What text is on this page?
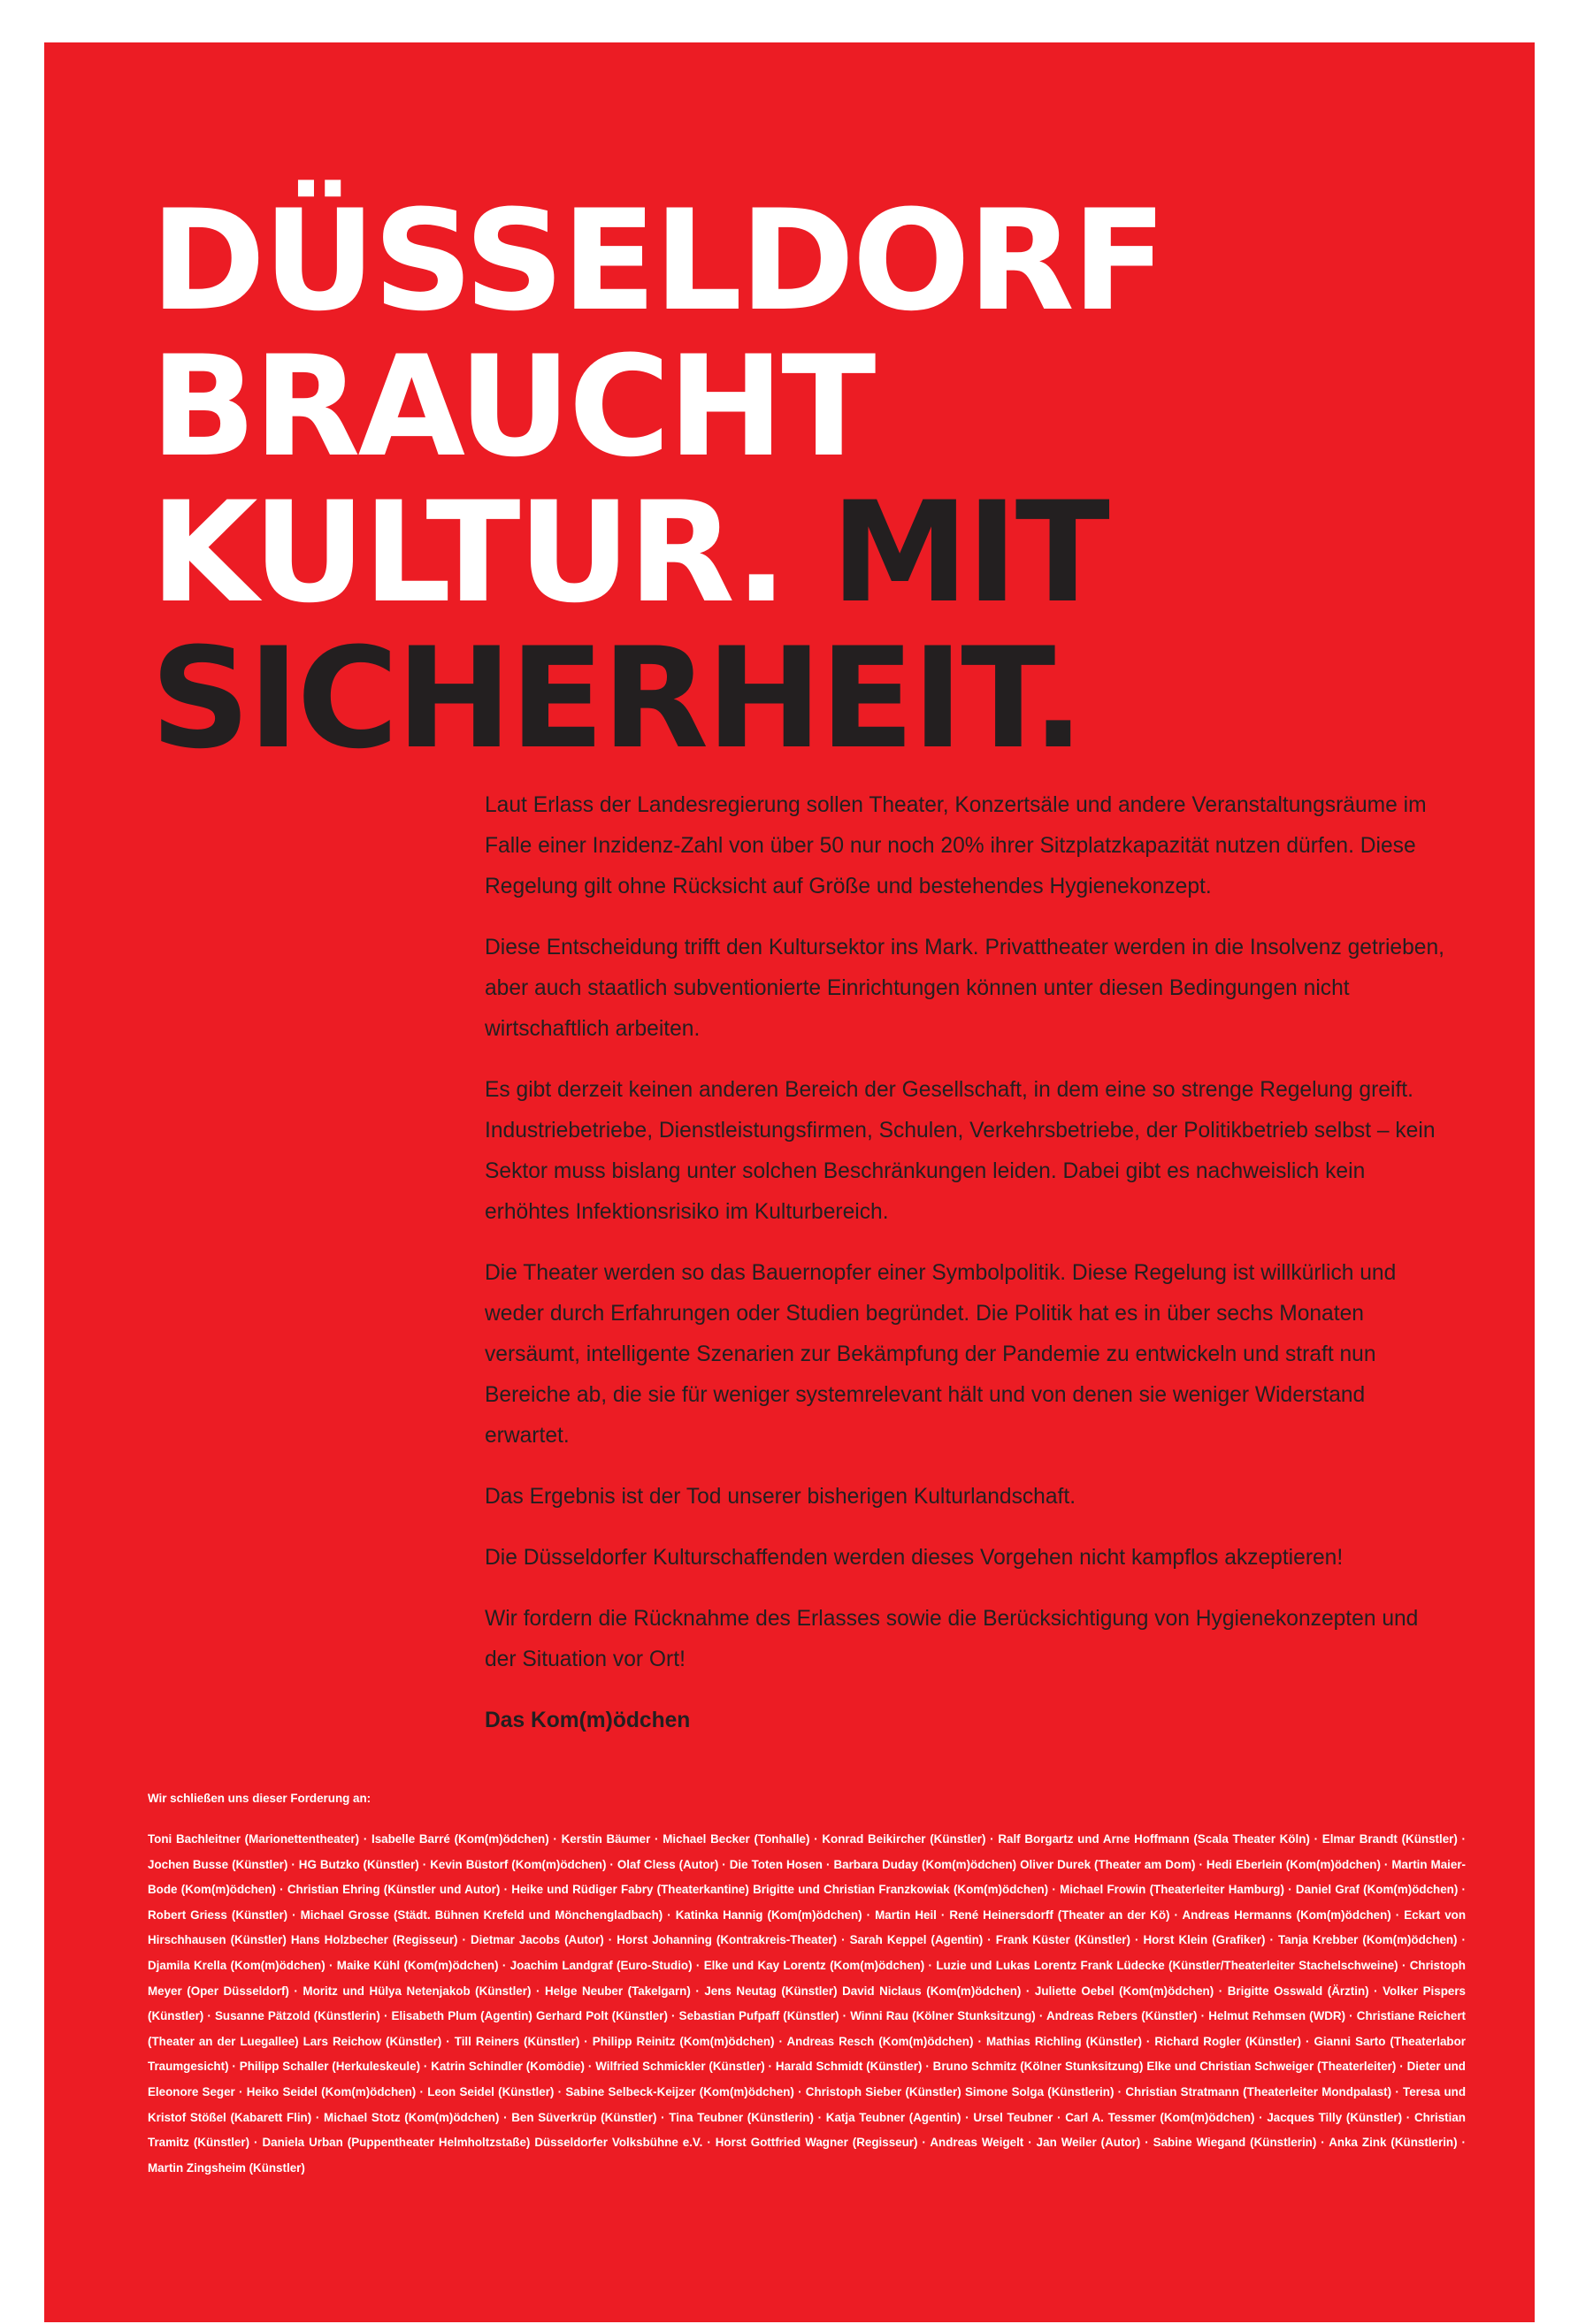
DÜSSELDORF
BRAUCHT
KULTUR. MIT
SICHERHEIT.

Laut Erlass der Landesregierung sollen Theater, Konzertsäle und andere Veranstaltungsräume im Falle einer Inzidenz-Zahl von über 50 nur noch 20% ihrer Sitzplatzkapazität nutzen dürfen. Diese Regelung gilt ohne Rücksicht auf Größe und bestehendes Hygienekonzept.

Diese Entscheidung trifft den Kultursektor ins Mark. Privattheater werden in die Insolvenz getrieben, aber auch staatlich subventionierte Einrichtungen können unter diesen Bedingungen nicht wirtschaftlich arbeiten.

Es gibt derzeit keinen anderen Bereich der Gesellschaft, in dem eine so strenge Regelung greift. Industriebetriebe, Dienstleistungsfirmen, Schulen, Verkehrsbetriebe, der Politikbetrieb selbst – kein Sektor muss bislang unter solchen Beschränkungen leiden. Dabei gibt es nachweislich kein erhöhtes Infektionsrisiko im Kulturbereich.

Die Theater werden so das Bauernopfer einer Symbolpolitik. Diese Regelung ist willkürlich und weder durch Erfahrungen oder Studien begründet. Die Politik hat es in über sechs Monaten versäumt, intelligente Szenarien zur Bekämpfung der Pandemie zu entwickeln und straft nun Bereiche ab, die sie für weniger systemrelevant hält und von denen sie weniger Widerstand erwartet.

Das Ergebnis ist der Tod unserer bisherigen Kulturlandschaft.

Die Düsseldorfer Kulturschaffenden werden dieses Vorgehen nicht kampflos akzeptieren!

Wir fordern die Rücknahme des Erlasses sowie die Berücksichtigung von Hygienekonzepten und der Situation vor Ort!

Das Kom(m)ödchen

Wir schließen uns dieser Forderung an:

Toni Bachleitner (Marionettentheater) · Isabelle Barré (Kom(m)ödchen) · Kerstin Bäumer · Michael Becker (Tonhalle) · Konrad Beikircher (Künstler) · Ralf Borgartz und Arne Hoffmann (Scala Theater Köln) · Elmar Brandt (Künstler) · Jochen Busse (Künstler) · HG Butzko (Künstler) · Kevin Büstorf (Kom(m)ödchen) · Olaf Cless (Autor) · Die Toten Hosen · Barbara Duday (Kom(m)ödchen) Oliver Durek (Theater am Dom) · Hedi Eberlein (Kom(m)ödchen) · Martin Maier-Bode (Kom(m)ödchen) · Christian Ehring (Künstler und Autor) · Heike und Rüdiger Fabry (Theaterkantine) Brigitte und Christian Franzkowiak (Kom(m)ödchen) · Michael Frowin (Theaterleiter Hamburg) · Daniel Graf (Kom(m)ödchen) · Robert Griess (Künstler) · Michael Grosse (Städt. Bühnen Krefeld und Mönchengladbach) · Katinka Hannig (Kom(m)ödchen) · Martin Heil · René Heinersdorff (Theater an der Kö) · Andreas Hermanns (Kom(m)ödchen) · Eckart von Hirschhausen (Künstler) Hans Holzbecher (Regisseur) · Dietmar Jacobs (Autor) · Horst Johanning (Kontrakreis-Theater) · Sarah Keppel (Agentin) · Frank Küster (Künstler) · Horst Klein (Grafiker) · Tanja Krebber (Kom(m)ödchen) · Djamila Krella (Kom(m)ödchen) · Maike Kühl (Kom(m)ödchen) · Joachim Landgraf (Euro-Studio) · Elke und Kay Lorentz (Kom(m)ödchen) · Luzie und Lukas Lorentz Frank Lüdecke (Künstler/Theaterleiter Stachelschweine) · Christoph Meyer (Oper Düsseldorf) · Moritz und Hülya Netenjakob (Künstler) · Helge Neuber (Takelgarn) · Jens Neutag (Künstler) David Niclaus (Kom(m)ödchen) · Juliette Oebel (Kom(m)ödchen) · Brigitte Osswald (Ärztin) · Volker Pispers (Künstler) · Susanne Pätzold (Künstlerin) · Elisabeth Plum (Agentin) Gerhard Polt (Künstler) · Sebastian Pufpaff (Künstler) · Winni Rau (Kölner Stunksitzung) · Andreas Rebers (Künstler) · Helmut Rehmsen (WDR) · Christiane Reichert (Theater an der Luegallee) Lars Reichow (Künstler) · Till Reiners (Künstler) · Philipp Reinitz (Kom(m)ödchen) · Andreas Resch (Kom(m)ödchen) · Mathias Richling (Künstler) · Richard Rogler (Künstler) · Gianni Sarto (Theaterlabor Traumgesicht) · Philipp Schaller (Herkuleskeule) · Katrin Schindler (Komödie) · Wilfried Schmickler (Künstler) · Harald Schmidt (Künstler) · Bruno Schmitz (Kölner Stunksitzung) Elke und Christian Schweiger (Theaterleiter) · Dieter und Eleonore Seger · Heiko Seidel (Kom(m)ödchen) · Leon Seidel (Künstler) · Sabine Selbeck-Keijzer (Kom(m)ödchen) · Christoph Sieber (Künstler) Simone Solga (Künstlerin) · Christian Stratmann (Theaterleiter Mondpalast) · Teresa und Kristof Stößel (Kabarett Flin) · Michael Stotz (Kom(m)ödchen) · Ben Süverkrüp (Künstler) · Tina Teubner (Künstlerin) · Katja Teubner (Agentin) · Ursel Teubner · Carl A. Tessmer (Kom(m)ödchen) · Jacques Tilly (Künstler) · Christian Tramitz (Künstler) · Daniela Urban (Puppentheater Helmholtzstaße) Düsseldorfer Volksbühne e.V. · Horst Gottfried Wagner (Regisseur) · Andreas Weigelt · Jan Weiler (Autor) · Sabine Wiegand (Künstlerin) · Anka Zink (Künstlerin) · Martin Zingsheim (Künstler)
